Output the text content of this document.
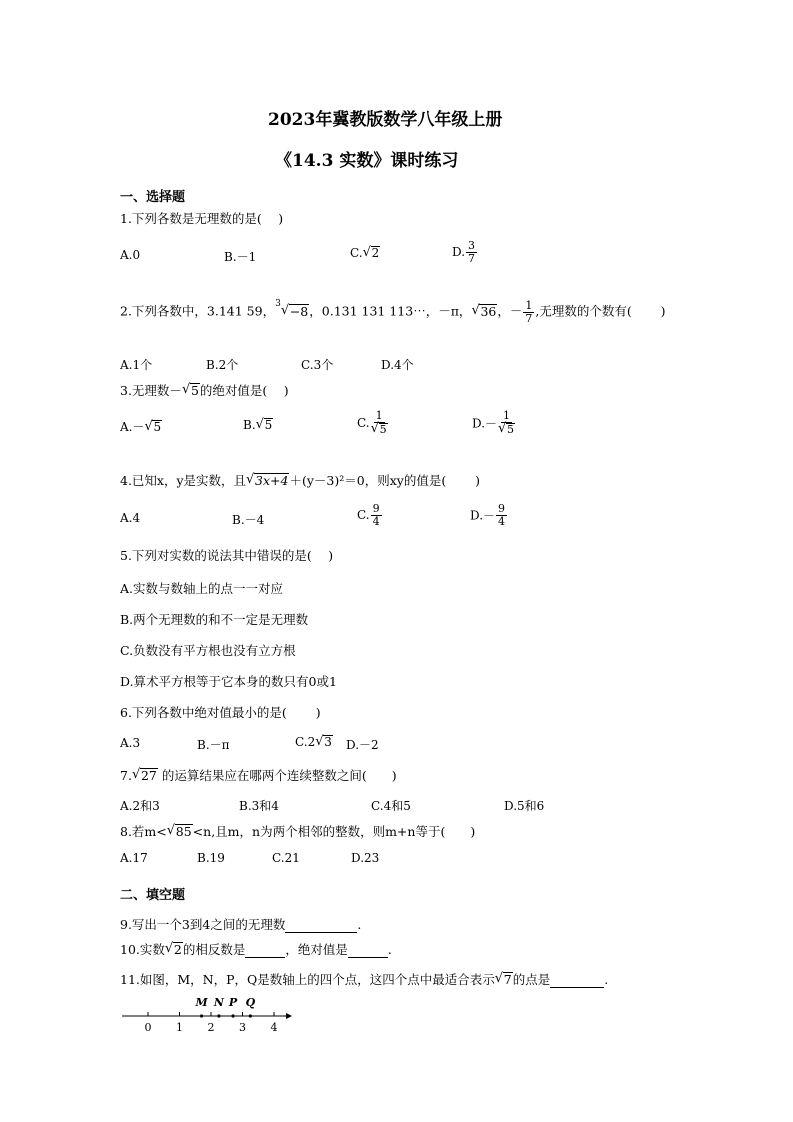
2023年冀教版数学八年级上册
《14.3 实数》课时练习
一、选择题
1.下列各数是无理数的是(　 )
A.0	B.－1	C. √ 2	D. $\frac{3}{7}$
2.下列各数中，3.141 59，$^3$ √ −8，0.131 131 113⋯，－π， √ 36，－ $\frac{1}{7}$ ,无理数的个数有(　　 )
A.1个	B.2个	C.3个	D.4个
3.无理数－ √ 5的绝对值是(　 )
A.－ √ 5	B. √ 5	C. $\frac{1}{√ 5}$	$D.- \frac{1}{√ 5}$
4.已知x，y是实数，且 √ 3x+4＋(y－3)²＝0，则xy的值是(　　 )
A.4	B.－4	C. $\frac{9}{4}$	$D.- \frac{9}{4}$
5.下列对实数的说法其中错误的是(　 )
A.实数与数轴上的点一一对应
B.两个无理数的和不一定是无理数
C.负数没有平方根也没有立方根
D.算术平方根等于它本身的数只有0或1
6.下列各数中绝对值最小的是(　　 )
A.3	B.－π	C.2 √ 3 D.－2
7. √ 27 的运算结果应在哪两个连续整数之间(　　)
A.2和3	B.3和4	C.4和5	D.5和6
8.若m< √ 85<n,且m，n为两个相邻的整数，则m+n等于(　　)
A.17	B.19	C.21	D.23
二、填空题
9.写出一个3到4之间的无理数	.
10.实数 √ 2的相反数是	，绝对值是	.
11.如图，M，N，P，Q是数轴上的四个点，这四个点中最适合表示 √ 7的点是	.
0 1 2 3 4
M N P Q
